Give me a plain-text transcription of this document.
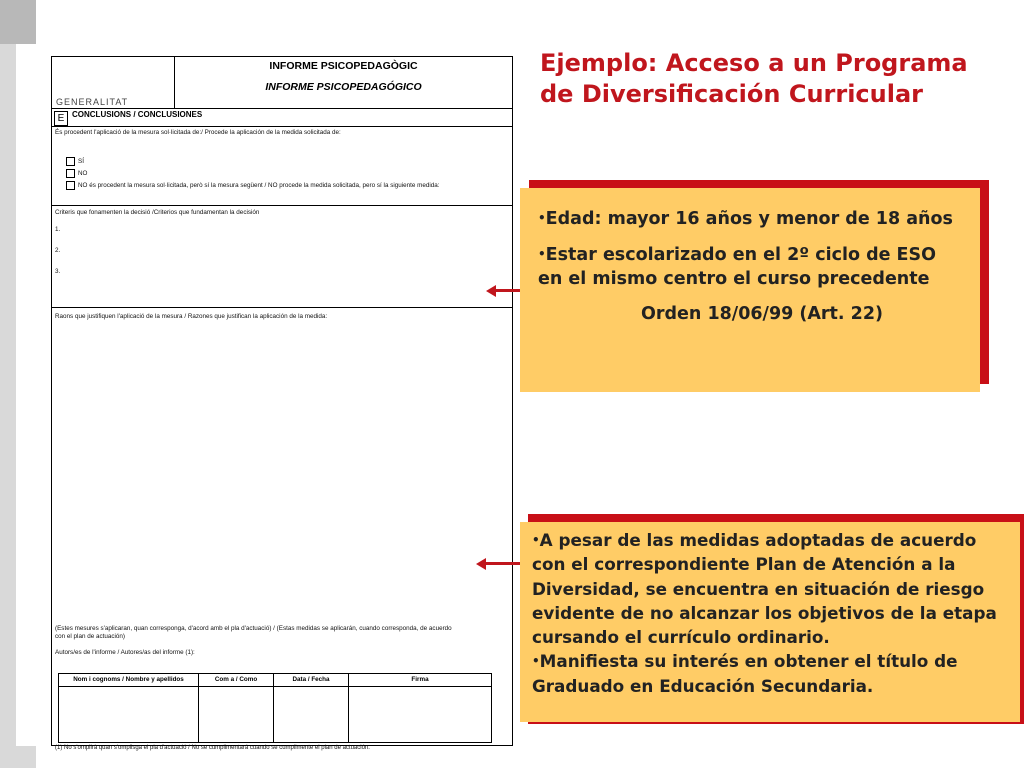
GENERALITAT
INFORME PSICOPEDAGÒGIC
INFORME PSICOPEDAGÓGICO
E CONCLUSIONS / CONCLUSIONES
És procedent l'aplicació de la mesura sol·licitada de:/ Procede la aplicación de la medida solicitada de:
SÍ
NO
NO és procedent la mesura sol·licitada, però sí la mesura següent / NO procede la medida solicitada, pero sí la siguiente medida:
Criteris que fonamenten la decisió /Criterios que fundamentan la decisión
1.
2.
3.
Raons que justifiquen l'aplicació de la mesura / Razones que justifican la aplicación de la medida:
(Estes mesures s'aplicaran, quan corresponga, d'acord amb el pla d'actuació) / (Estas medidas se aplicarán, cuando corresponda, de acuerdo
con el plan de actuación)
Autors/es de l'informe / Autores/as del informe (1):
Nom i cognoms / Nombre y apellidos	Com a / Como	Data / Fecha	Firma
(1) No s'omplirà quan s'omplisga el pla d'actuació / No se cumplimentará cuando se cumplimente el plan de actuación.
Ejemplo: Acceso a un Programa
de Diversificación Curricular

• Edad: mayor 16 años y menor de 18 años

• Estar escolarizado en el 2º ciclo de ESO en el mismo centro el curso precedente

Orden 18/06/99 (Art. 22)

• A pesar de las medidas adoptadas de acuerdo con el correspondiente Plan de Atención a la Diversidad, se encuentra en situación de riesgo evidente de no alcanzar los objetivos de la etapa cursando el currículo ordinario.

• Manifiesta su interés en obtener el título de Graduado en Educación Secundaria.
